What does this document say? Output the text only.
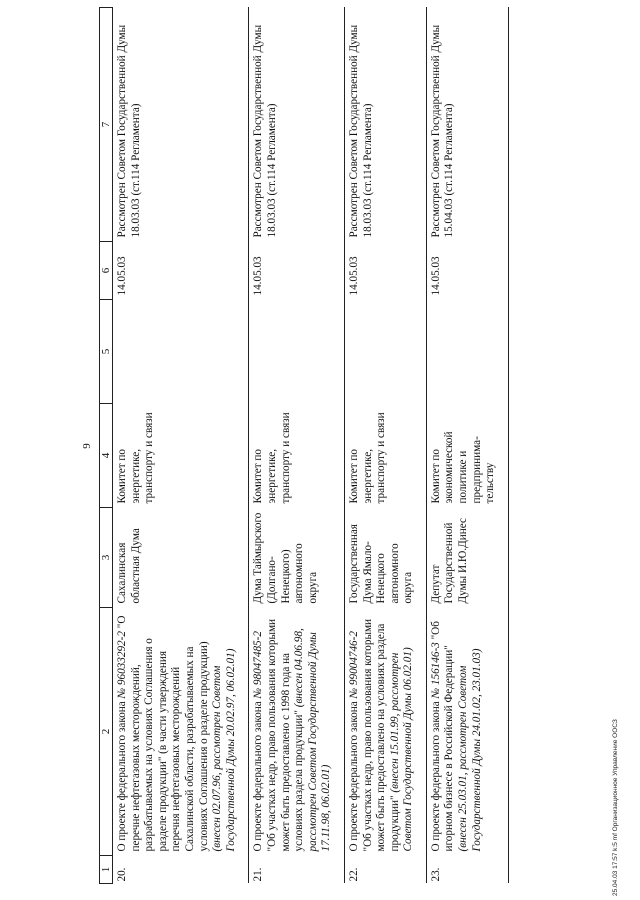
9
1	2	3	4	5	6	7
20.	О проекте федерального закона № 96033292-2 "О перечне нефтегазовых месторождений, разрабатываемых на условиях Соглашения о разделе продукции" (в части утверждения перечня нефтегазовых месторождений Сахалинской области, разрабатываемых на условиях Соглашения о разделе продукции) (внесен 02.07.96, рассмотрен Советом Государственной Думы 20.02.97, 06.02.01)	Сахалинская областная Дума	Комитет по энергетике, транспорту и связи		14.05.03	Рассмотрен Советом Государственной Думы 18.03.03 (ст.114 Регламента)
21.	О проекте федерального закона № 98047485-2 "Об участках недр, право пользования которыми может быть предоставлено с 1998 года на условиях раздела продукции" (внесен 04.06.98, рассмотрен Советом Государственной Думы 17.11.98, 06.02.01)	Дума Таймырского (Долгано-Ненецкого) автономного округа	Комитет по энергетике, транспорту и связи		14.05.03	Рассмотрен Советом Государственной Думы 18.03.03 (ст.114 Регламента)
22.	О проекте федерального закона № 99004746-2 "Об участках недр, право пользования которыми может быть предоставлено на условиях раздела продукции" (внесен 15.01.99, рассмотрен Советом Государственной Думы 06.02.01)	Государственная Дума Ямало-Ненецкого автономного округа	Комитет по энергетике, транспорту и связи		14.05.03	Рассмотрен Советом Государственной Думы 18.03.03 (ст.114 Регламента)
23.	О проекте федерального закона № 156146-3 "Об игорном бизнесе в Российской Федерации" (внесен 25.03.01, рассмотрен Советом Государственной Думы 24.01.02, 23.01.03)	Депутат Государственной Думы И.Ю.Динес	Комитет по экономической политике и предпринима-тельству		14.05.03	Рассмотрен Советом Государственной Думы 15.04.03 (ст.114 Регламента)
25.04.03 17:57 k:5 mf Организационное Управление ООСЗ
